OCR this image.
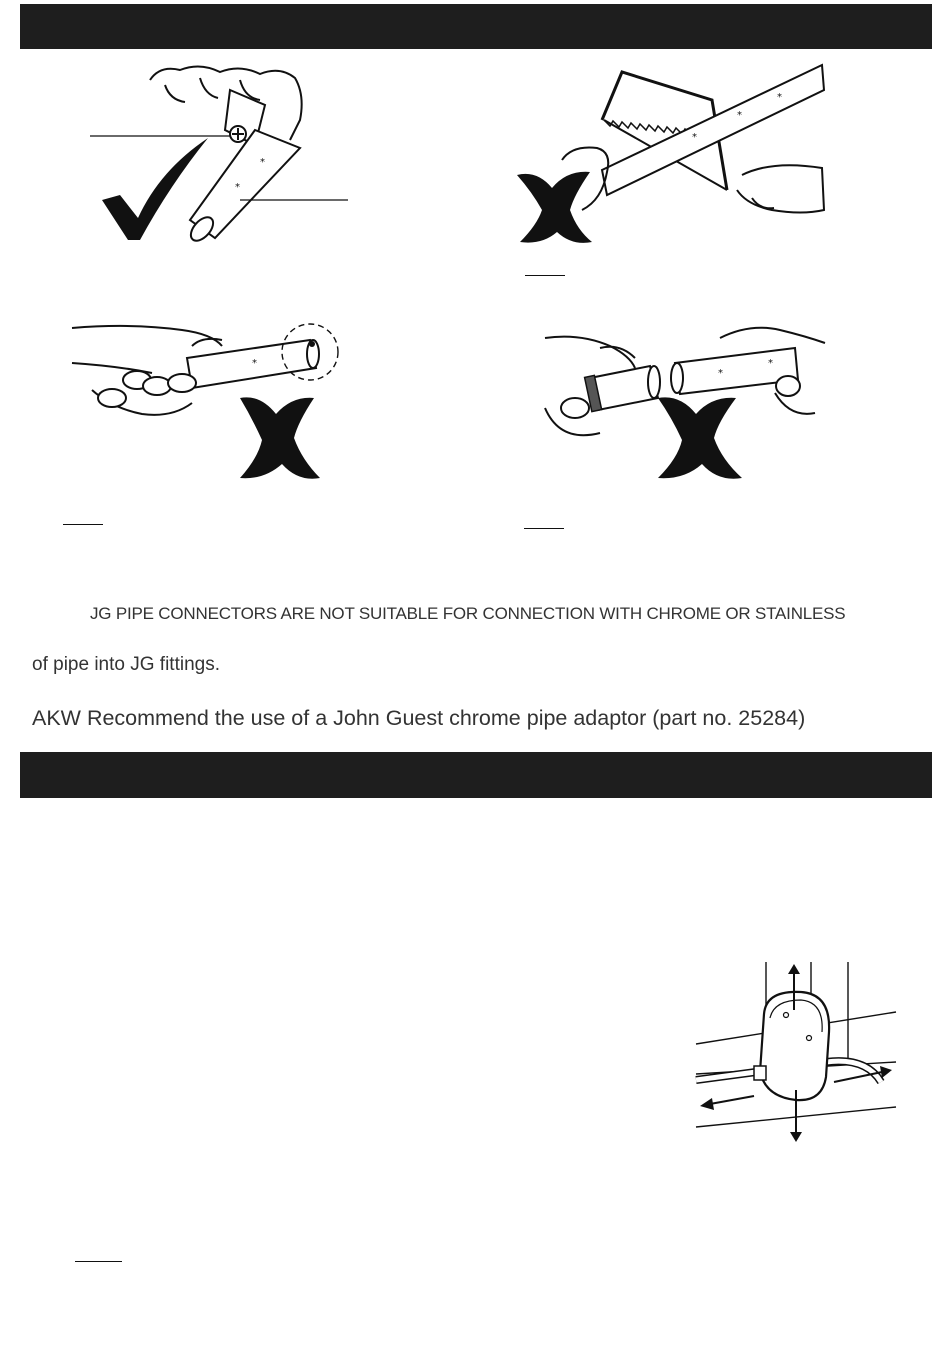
*
*
*
*
*
*
*
*
JG PIPE CONNECTORS ARE NOT SUITABLE FOR CONNECTION WITH CHROME OR STAINLESS
of pipe into JG fittings.
AKW Recommend the use of a John Guest chrome pipe adaptor (part no. 25284)
